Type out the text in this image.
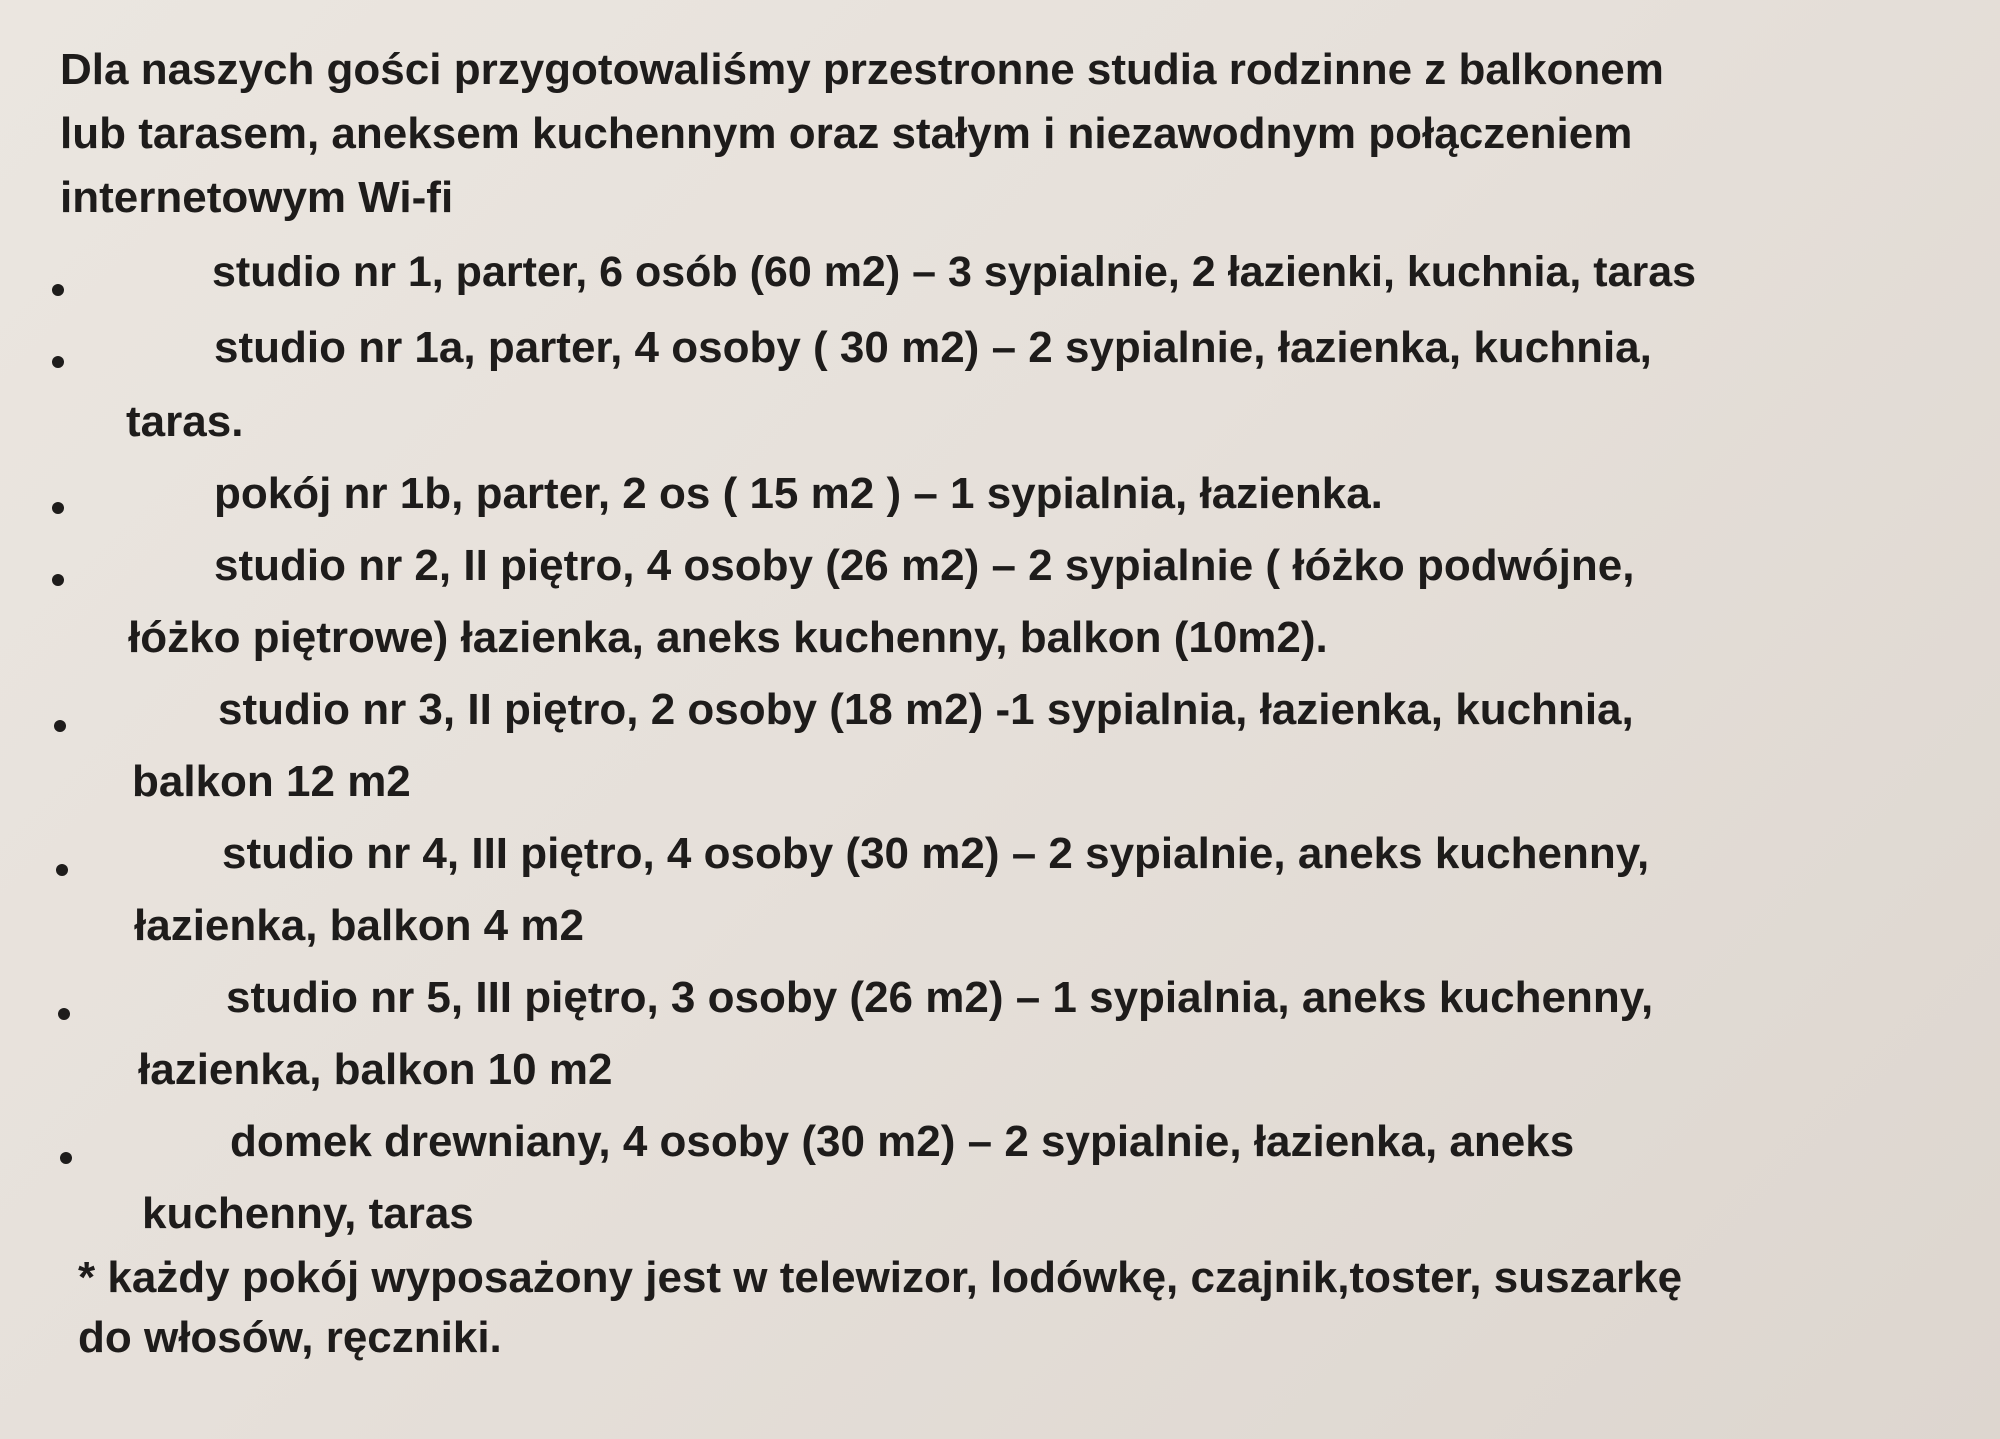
Dla naszych gości przygotowaliśmy przestronne studia rodzinne z balkonem
lub tarasem, aneksem kuchennym oraz stałym i niezawodnym połączeniem
internetowym Wi-fi

studio nr 1, parter, 6 osób (60 m2) – 3 sypialnie, 2 łazienki, kuchnia, taras
studio nr 1a, parter, 4 osoby ( 30 m2) – 2 sypialnie, łazienka, kuchnia,
taras.
pokój nr 1b, parter, 2 os ( 15 m2 ) – 1 sypialnia, łazienka.
studio nr 2, II piętro, 4 osoby (26 m2) – 2 sypialnie ( łóżko podwójne,
łóżko piętrowe) łazienka, aneks kuchenny, balkon (10m2).
studio nr 3, II piętro, 2 osoby (18 m2) -1 sypialnia, łazienka, kuchnia,
balkon 12 m2
studio nr 4, III piętro, 4 osoby (30 m2) – 2 sypialnie, aneks kuchenny,
łazienka, balkon 4 m2
studio nr 5, III piętro, 3 osoby (26 m2) – 1 sypialnia, aneks kuchenny,
łazienka, balkon 10 m2
domek drewniany, 4 osoby (30 m2) – 2 sypialnie, łazienka, aneks
kuchenny, taras

* każdy pokój wyposażony jest w telewizor, lodówkę, czajnik,toster, suszarkę
do włosów, ręczniki.
